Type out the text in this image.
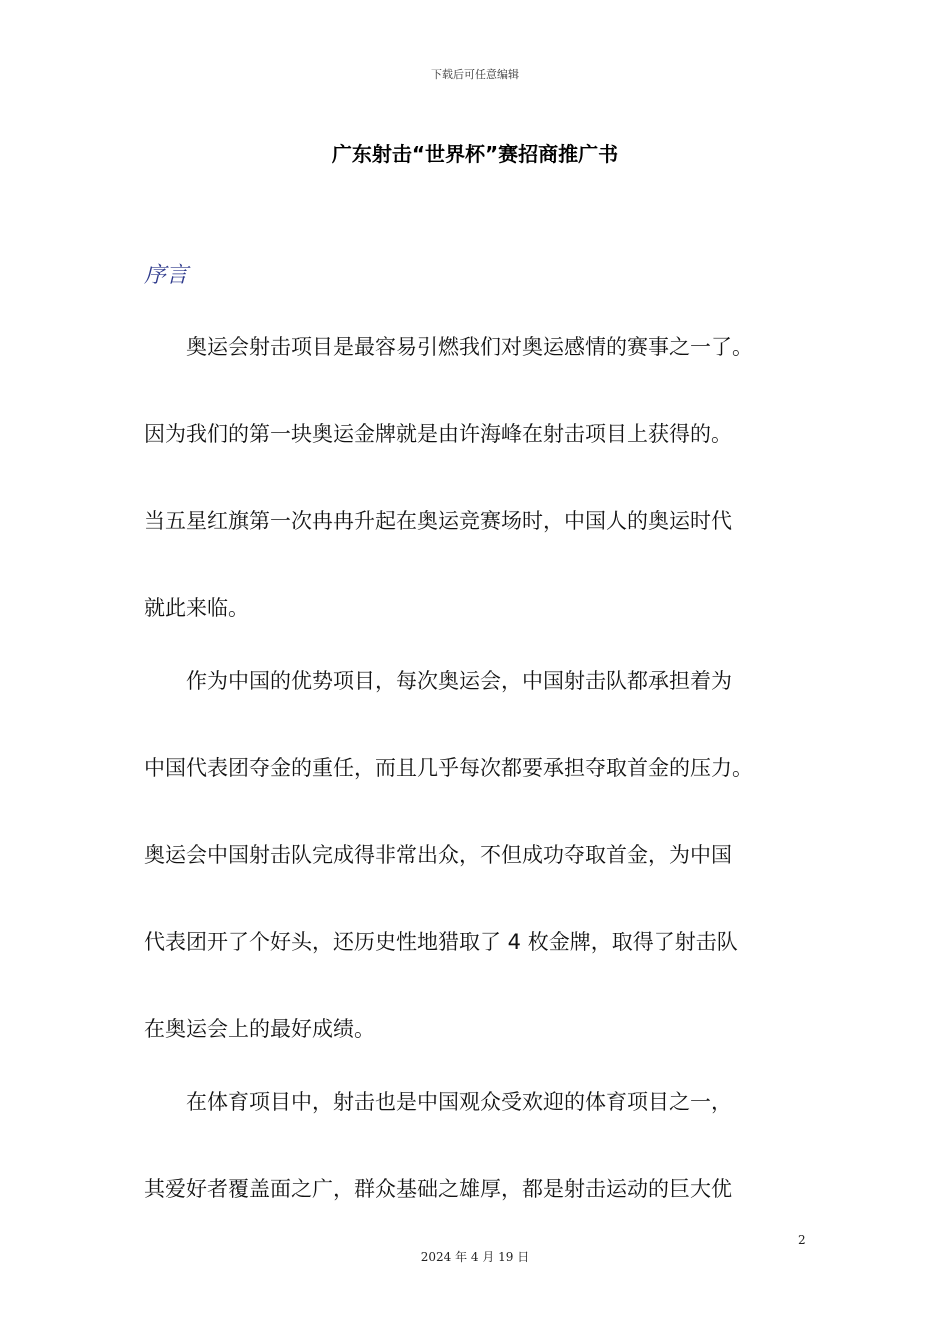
下载后可任意编辑
广东射击“世界杯”赛招商推广书
序言
　　奥运会射击项目是最容易引燃我们对奥运感情的赛事之一了。
因为我们的第一块奥运金牌就是由许海峰在射击项目上获得的。
当五星红旗第一次冉冉升起在奥运竞赛场时，中国人的奥运时代
就此来临。
　　作为中国的优势项目，每次奥运会，中国射击队都承担着为
中国代表团夺金的重任，而且几乎每次都要承担夺取首金的压力。
奥运会中国射击队完成得非常出众，不但成功夺取首金，为中国
代表团开了个好头，还历史性地猎取了 4 枚金牌，取得了射击队
在奥运会上的最好成绩。
　　在体育项目中，射击也是中国观众受欢迎的体育项目之一，
其爱好者覆盖面之广，群众基础之雄厚，都是射击运动的巨大优
2
2024 年 4 月 19 日
